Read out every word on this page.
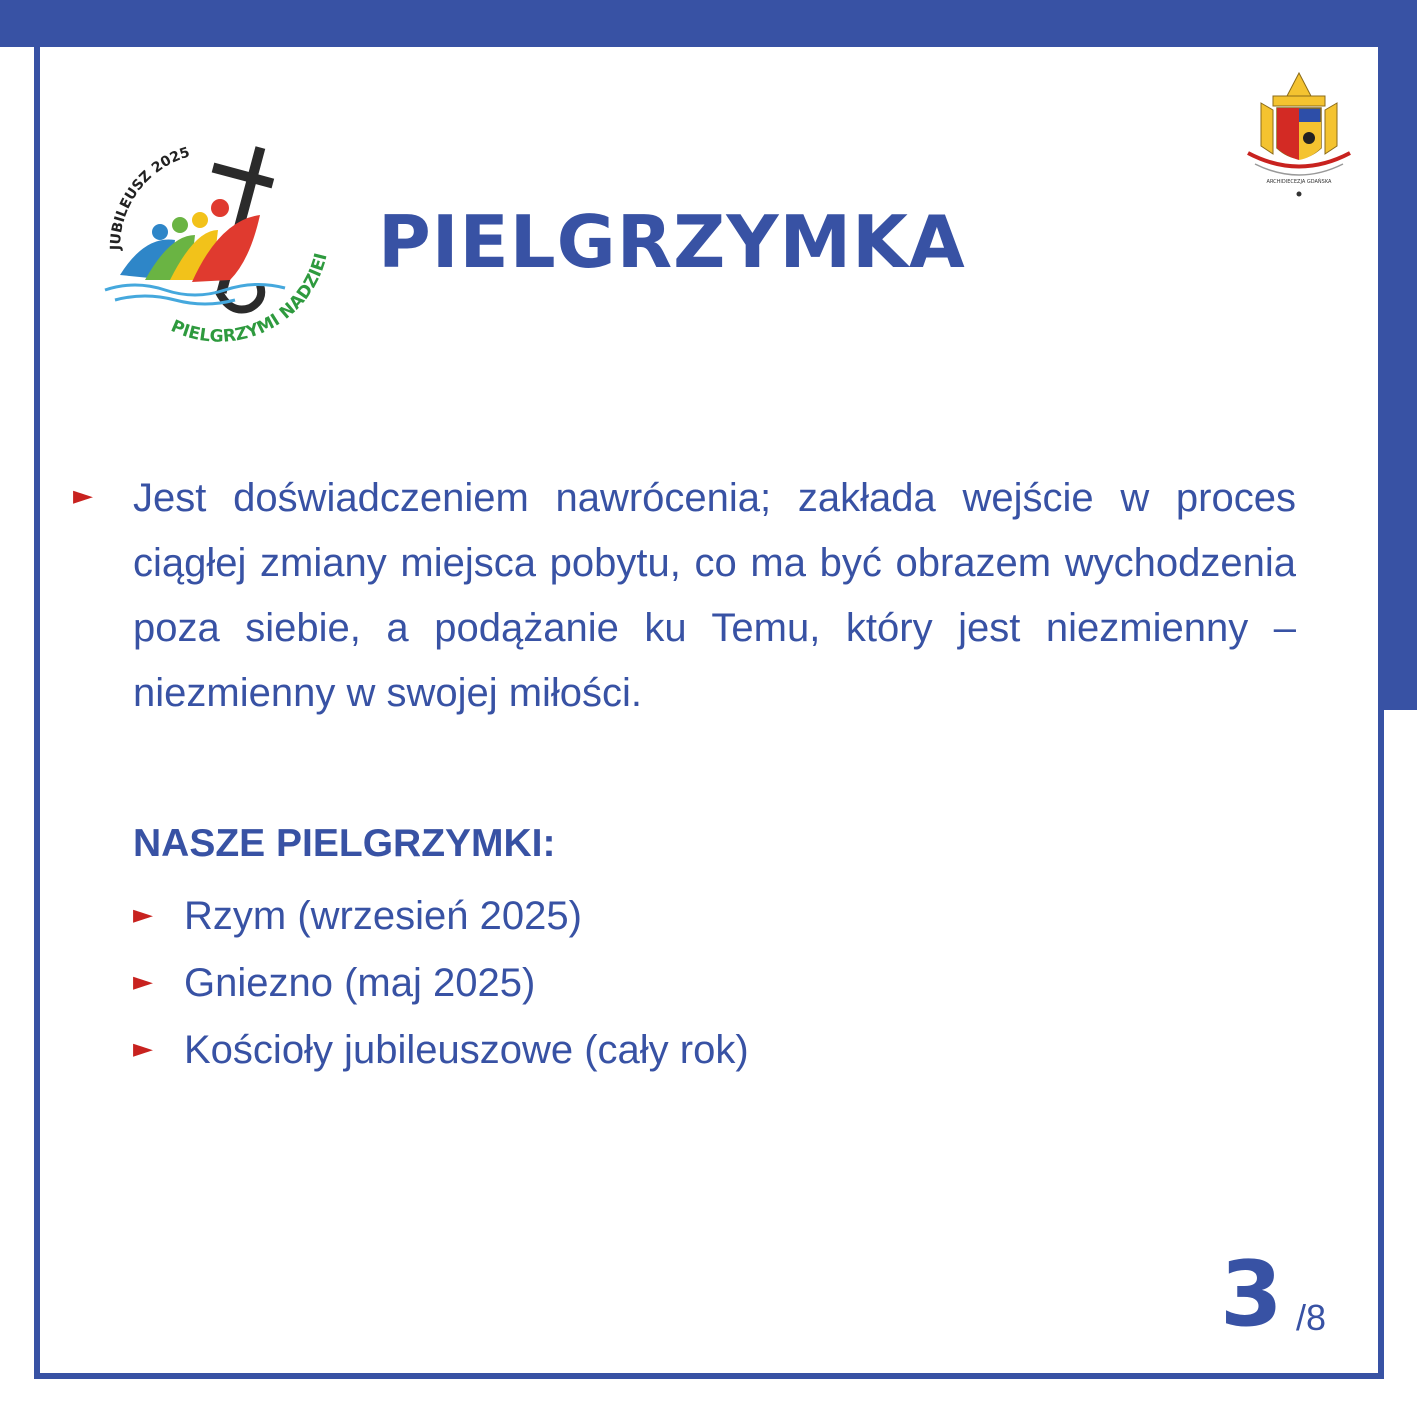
JUBILEUSZ 2025
PIELGRZYMI NADZIEI
ARCHIDIECEZJA GDAŃSKA
PIELGRZYMKA
► Jest doświadczeniem nawrócenia; zakłada wejście w proces ciągłej zmiany miejsca pobytu, co ma być obrazem wychodzenia poza siebie, a podążanie ku Temu, który jest niezmienny – niezmienny w swojej miłości.

NASZE PIELGRZYMKI:
► Rzym (wrzesień 2025)
► Gniezno (maj 2025)
► Kościoły jubileuszowe (cały rok)
3 /8
